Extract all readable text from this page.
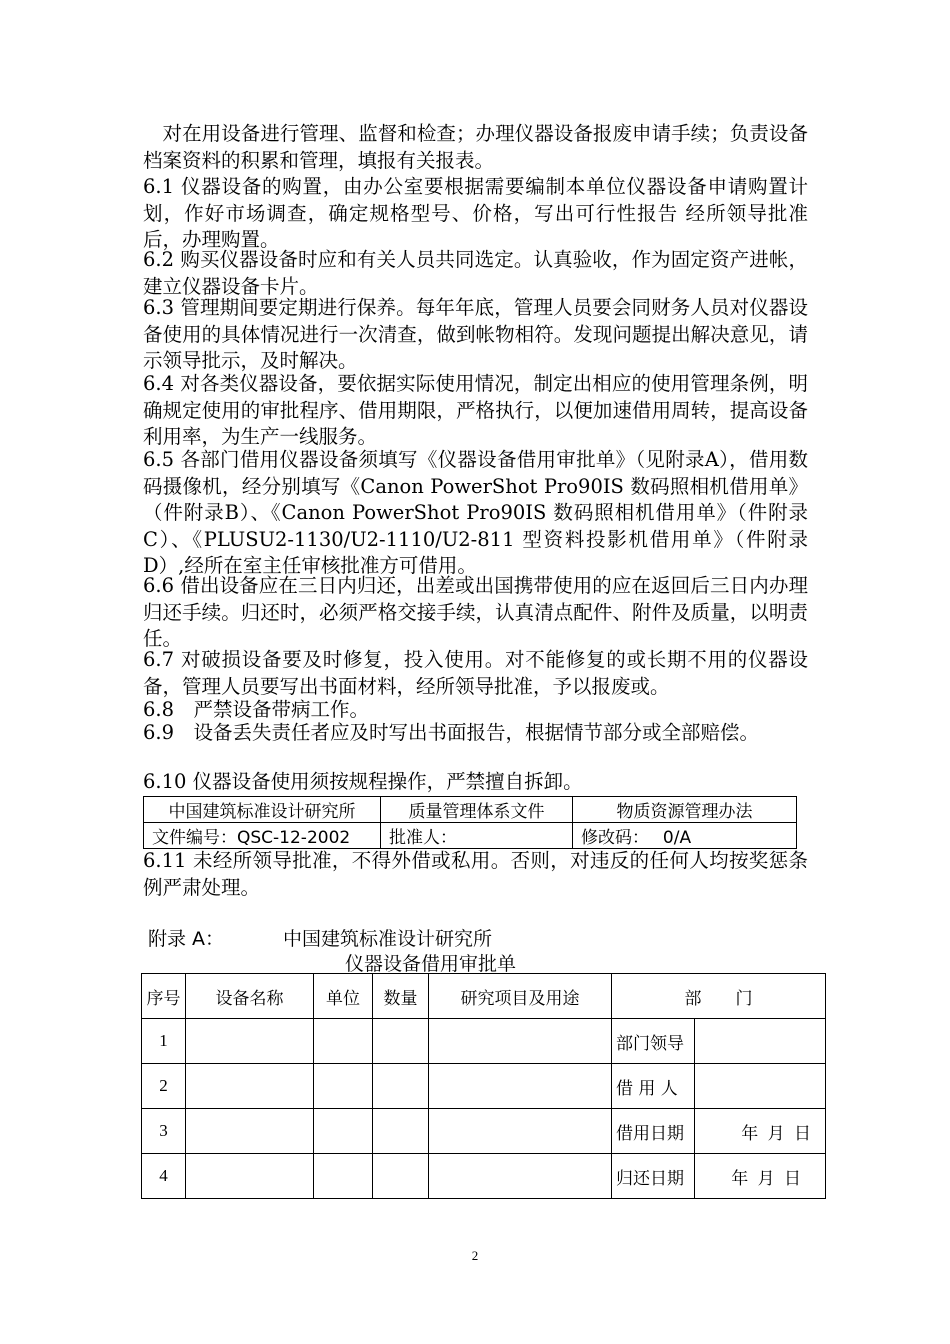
　对在用设备进行管理、监督和检查；办理仪器设备报废申请手续；负责设备档案资料的积累和管理，填报有关报表。
6.1 仪器设备的购置，由办公室要根据需要编制本单位仪器设备申请购置计划，作好市场调查，确定规格型号、价格，写出可行性报告 经所领导批准后，办理购置。
6.2 购买仪器设备时应和有关人员共同选定。认真验收，作为固定资产进帐，建立仪器设备卡片。
6.3 管理期间要定期进行保养。每年年底，管理人员要会同财务人员对仪器设备使用的具体情况进行一次清查，做到帐物相符。发现问题提出解决意见，请示领导批示，及时解决。
6.4 对各类仪器设备，要依据实际使用情况，制定出相应的使用管理条例，明确规定使用的审批程序、借用期限，严格执行，以便加速借用周转，提高设备利用率，为生产一线服务。
6.5 各部门借用仪器设备须填写《仪器设备借用审批单》（见附录A），借用数码摄像机，经分别填写《Canon PowerShot Pro90IS 数码照相机借用单》（件附录B）、《Canon PowerShot Pro90IS 数码照相机借用单》（件附录C）、《PLUSU2-1130/U2-1110/U2-811 型资料投影机借用单》（件附录D）,经所在室主任审核批准方可借用。
6.6 借出设备应在三日内归还，出差或出国携带使用的应在返回后三日内办理归还手续。归还时，必须严格交接手续，认真清点配件、附件及质量，以明责任。
6.7 对破损设备要及时修复，投入使用。对不能修复的或长期不用的仪器设备，管理人员要写出书面材料，经所领导批准，予以报废或。
6.8　严禁设备带病工作。
6.9　设备丢失责任者应及时写出书面报告，根据情节部分或全部赔偿。
6.10 仪器设备使用须按规程操作，严禁擅自拆卸。
中国建筑标准设计研究所	质量管理体系文件	物质资源管理办法
文件编号：QSC-12-2002	批准人：	修改码：　 0/A
6.11 未经所领导批准，不得外借或私用。否则，对违反的任何人均按奖惩条例严肃处理。
附录 A：	中国建筑标准设计研究所
仪器设备借用审批单
序号	设备名称	单位	数量	研究项目及用途	部　　门	
1					部门领导	
2					借 用 人	
3					借用日期	年 月 日
4					归还日期	年 月 日
2
